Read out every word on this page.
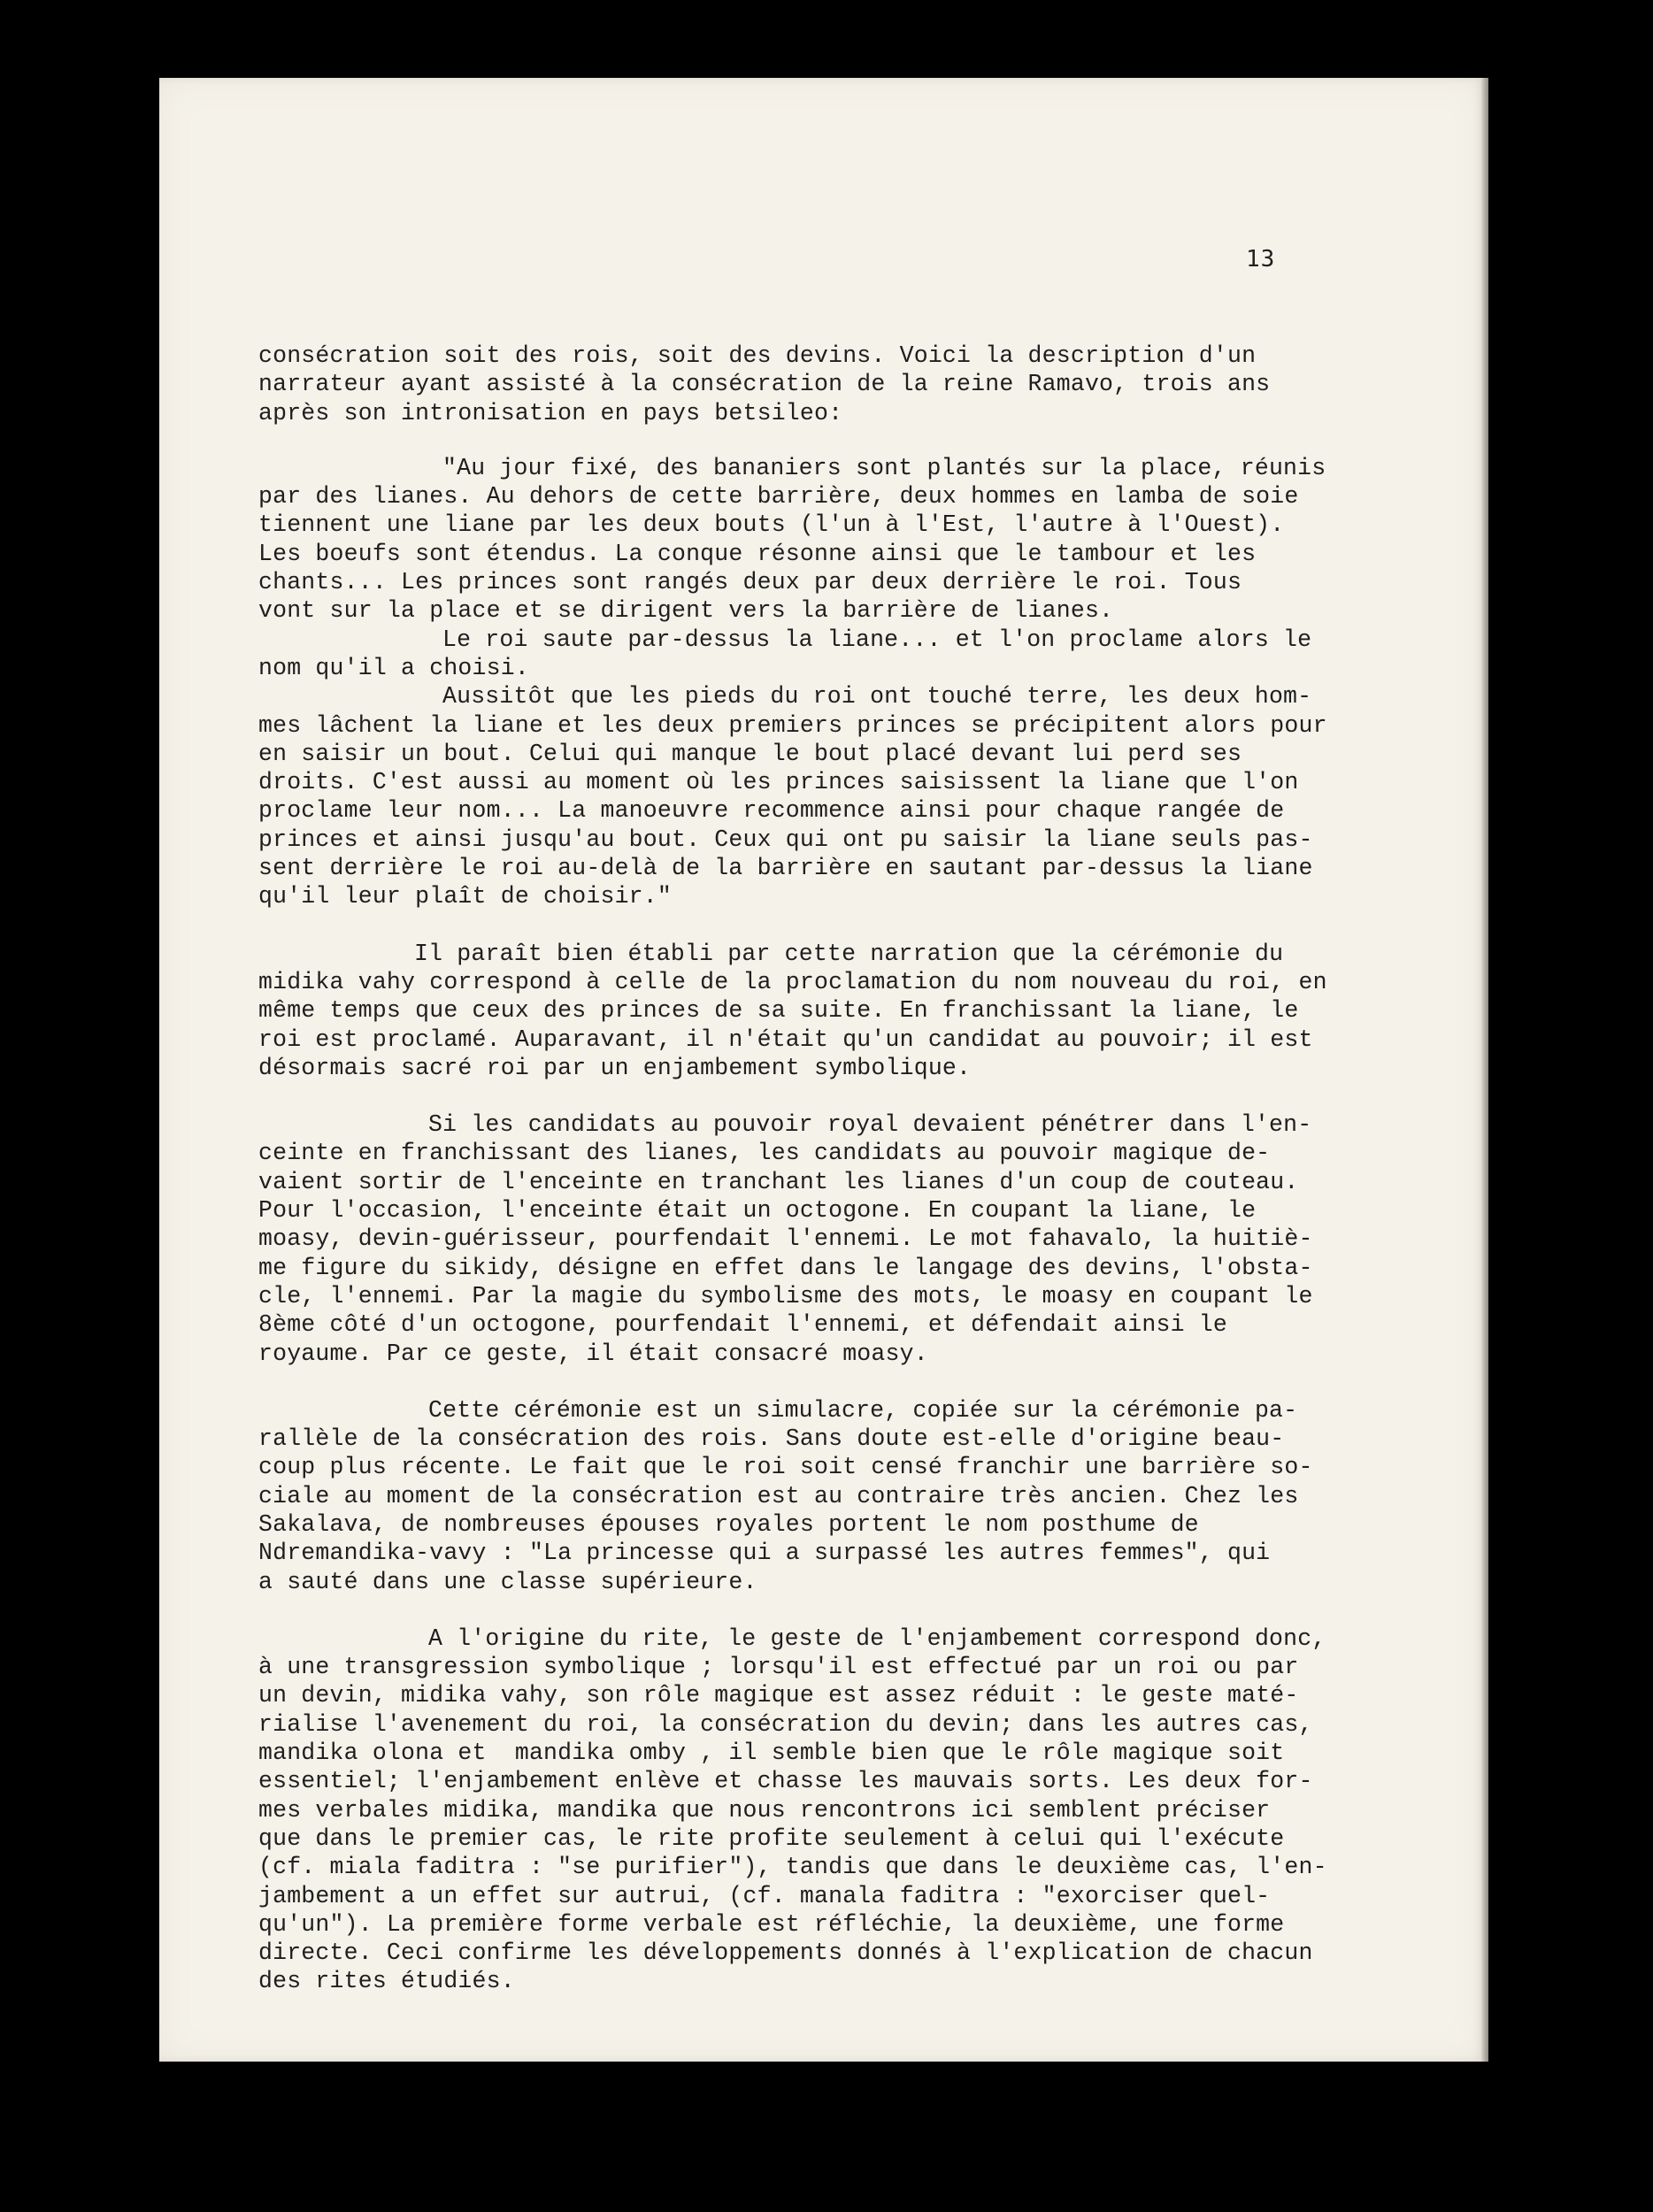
13

consécration soit des rois, soit des devins. Voici la description d'un
narrateur ayant assisté à la consécration de la reine Ramavo, trois ans
après son intronisation en pays betsileo:

"Au jour fixé, des bananiers sont plantés sur la place, réunis
par des lianes. Au dehors de cette barrière, deux hommes en lamba de soie
tiennent une liane par les deux bouts (l'un à l'Est, l'autre à l'Ouest).
Les boeufs sont étendus. La conque résonne ainsi que le tambour et les
chants... Les princes sont rangés deux par deux derrière le roi. Tous
vont sur la place et se dirigent vers la barrière de lianes.

Le roi saute par-dessus la liane... et l'on proclame alors le
nom qu'il a choisi.

Aussitôt que les pieds du roi ont touché terre, les deux hom-
mes lâchent la liane et les deux premiers princes se précipitent alors pour
en saisir un bout. Celui qui manque le bout placé devant lui perd ses
droits. C'est aussi au moment où les princes saisissent la liane que l'on
proclame leur nom... La manoeuvre recommence ainsi pour chaque rangée de
princes et ainsi jusqu'au bout. Ceux qui ont pu saisir la liane seuls pas-
sent derrière le roi au-delà de la barrière en sautant par-dessus la liane
qu'il leur plaît de choisir."

Il paraît bien établi par cette narration que la cérémonie du
midika vahy correspond à celle de la proclamation du nom nouveau du roi, en
même temps que ceux des princes de sa suite. En franchissant la liane, le
roi est proclamé. Auparavant, il n'était qu'un candidat au pouvoir; il est
désormais sacré roi par un enjambement symbolique.

Si les candidats au pouvoir royal devaient pénétrer dans l'en-
ceinte en franchissant des lianes, les candidats au pouvoir magique de-
vaient sortir de l'enceinte en tranchant les lianes d'un coup de couteau.
Pour l'occasion, l'enceinte était un octogone. En coupant la liane, le
moasy, devin-guérisseur, pourfendait l'ennemi. Le mot fahavalo, la huitiè-
me figure du sikidy, désigne en effet dans le langage des devins, l'obsta-
cle, l'ennemi. Par la magie du symbolisme des mots, le moasy en coupant le
8ème côté d'un octogone, pourfendait l'ennemi, et défendait ainsi le
royaume. Par ce geste, il était consacré moasy.

Cette cérémonie est un simulacre, copiée sur la cérémonie pa-
rallèle de la consécration des rois. Sans doute est-elle d'origine beau-
coup plus récente. Le fait que le roi soit censé franchir une barrière so-
ciale au moment de la consécration est au contraire très ancien. Chez les
Sakalava, de nombreuses épouses royales portent le nom posthume de
Ndremandika-vavy : "La princesse qui a surpassé les autres femmes", qui
a sauté dans une classe supérieure.

A l'origine du rite, le geste de l'enjambement correspond donc,
à une transgression symbolique ; lorsqu'il est effectué par un roi ou par
un devin, midika vahy, son rôle magique est assez réduit : le geste maté-
rialise l'avenement du roi, la consécration du devin; dans les autres cas,
mandika olona et  mandika omby , il semble bien que le rôle magique soit
essentiel; l'enjambement enlève et chasse les mauvais sorts. Les deux for-
mes verbales midika, mandika que nous rencontrons ici semblent préciser
que dans le premier cas, le rite profite seulement à celui qui l'exécute
(cf. miala faditra : "se purifier"), tandis que dans le deuxième cas, l'en-
jambement a un effet sur autrui, (cf. manala faditra : "exorciser quel-
qu'un"). La première forme verbale est réfléchie, la deuxième, une forme
directe. Ceci confirme les développements donnés à l'explication de chacun
des rites étudiés.
